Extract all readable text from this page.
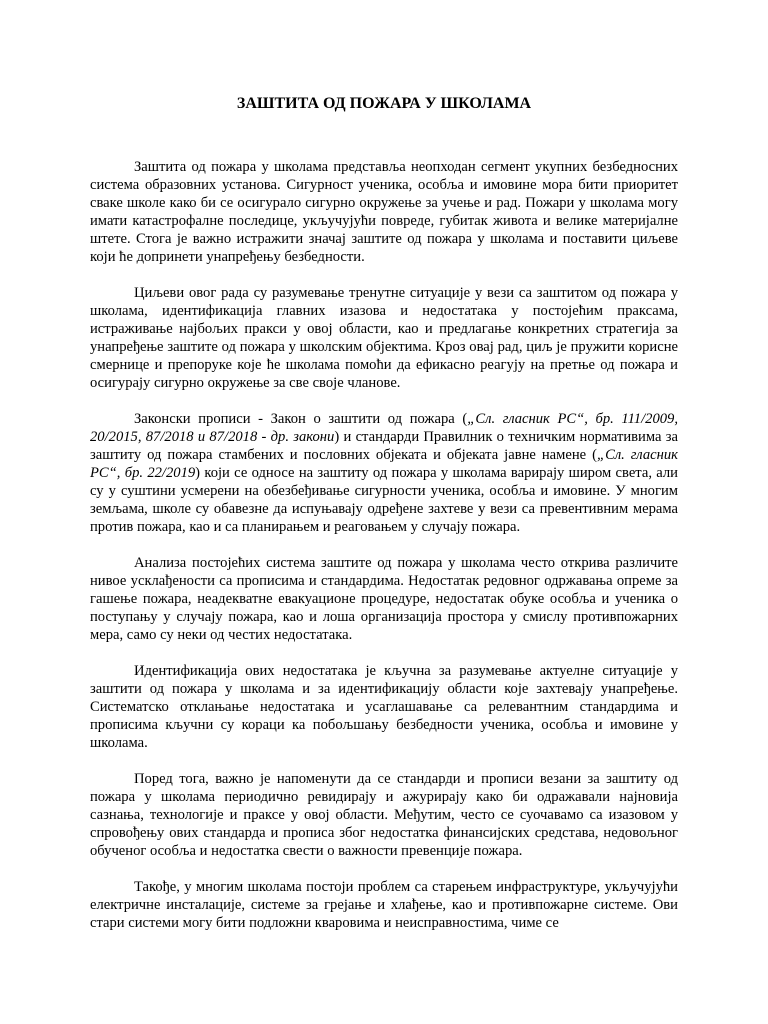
ЗАШТИТА ОД ПОЖАРА У ШКОЛАМА

Заштита од пожара у школама представља неопходан сегмент укупних безбедносних система образовних установа. Сигурност ученика, особља и имовине мора бити приоритет сваке школе како би се осигурало сигурно окружење за учење и рад. Пожари у школама могу имати катастрофалне последице, укључујући повреде, губитак живота и велике материјалне штете. Стога је важно истражити значај заштите од пожара у школама и поставити циљеве који ће допринети унапређењу безбедности.

Циљеви овог рада су разумевање тренутне ситуације у вези са заштитом од пожара у школама, идентификација главних изазова и недостатака у постојећим праксама, истраживање најбољих пракси у овој области, као и предлагање конкретних стратегија за унапређење заштите од пожара у школским објектима. Кроз овај рад, циљ је пружити корисне смернице и препоруке које ће школама помоћи да ефикасно реагују на претње од пожара и осигурају сигурно окружење за све своје чланове.

Законски прописи - Закон о заштити од пожара („Сл. гласник РС“, бр. 111/2009, 20/2015, 87/2018 и 87/2018 - др. закони) и стандарди Правилник о техничким нормативима за заштиту од пожара стамбених и пословних објеката и објеката јавне намене („Сл. гласник РС“, бр. 22/2019) који се односе на заштиту од пожара у школама варирају широм света, али су у суштини усмерени на обезбеђивање сигурности ученика, особља и имовине. У многим земљама, школе су обавезне да испуњавају одређене захтеве у вези са превентивним мерама против пожара, као и са планирањем и реаговањем у случају пожара.

Анализа постојећих система заштите од пожара у школама често открива различите нивое усклађености са прописима и стандардима. Недостатак редовног одржавања опреме за гашење пожара, неадекватне евакуационе процедуре, недостатак обуке особља и ученика о поступању у случају пожара, као и лоша организација простора у смислу противпожарних мера, само су неки од честих недостатака.

Идентификација ових недостатака је кључна за разумевање актуелне ситуације у заштити од пожара у школама и за идентификацију области које захтевају унапређење. Систематско отклањање недостатака и усаглашавање са релевантним стандардима и прописима кључни су кораци ка побољшању безбедности ученика, особља и имовине у школама.

Поред тога, важно је напоменути да се стандарди и прописи везани за заштиту од пожара у школама периодично ревидирају и ажурирају како би одражавали најновија сазнања, технологије и праксе у овој области. Међутим, често се суочавамо са изазовом у спровођењу ових стандарда и прописа због недостатка финансијских средстава, недовољног обученог особља и недостатка свести о важности превенције пожара.

Такође, у многим школама постоји проблем са старењем инфраструктуре, укључујући електричне инсталације, системе за грејање и хлађење, као и противпожарне системе. Ови стари системи могу бити подложни кваровима и неисправностима, чиме се
